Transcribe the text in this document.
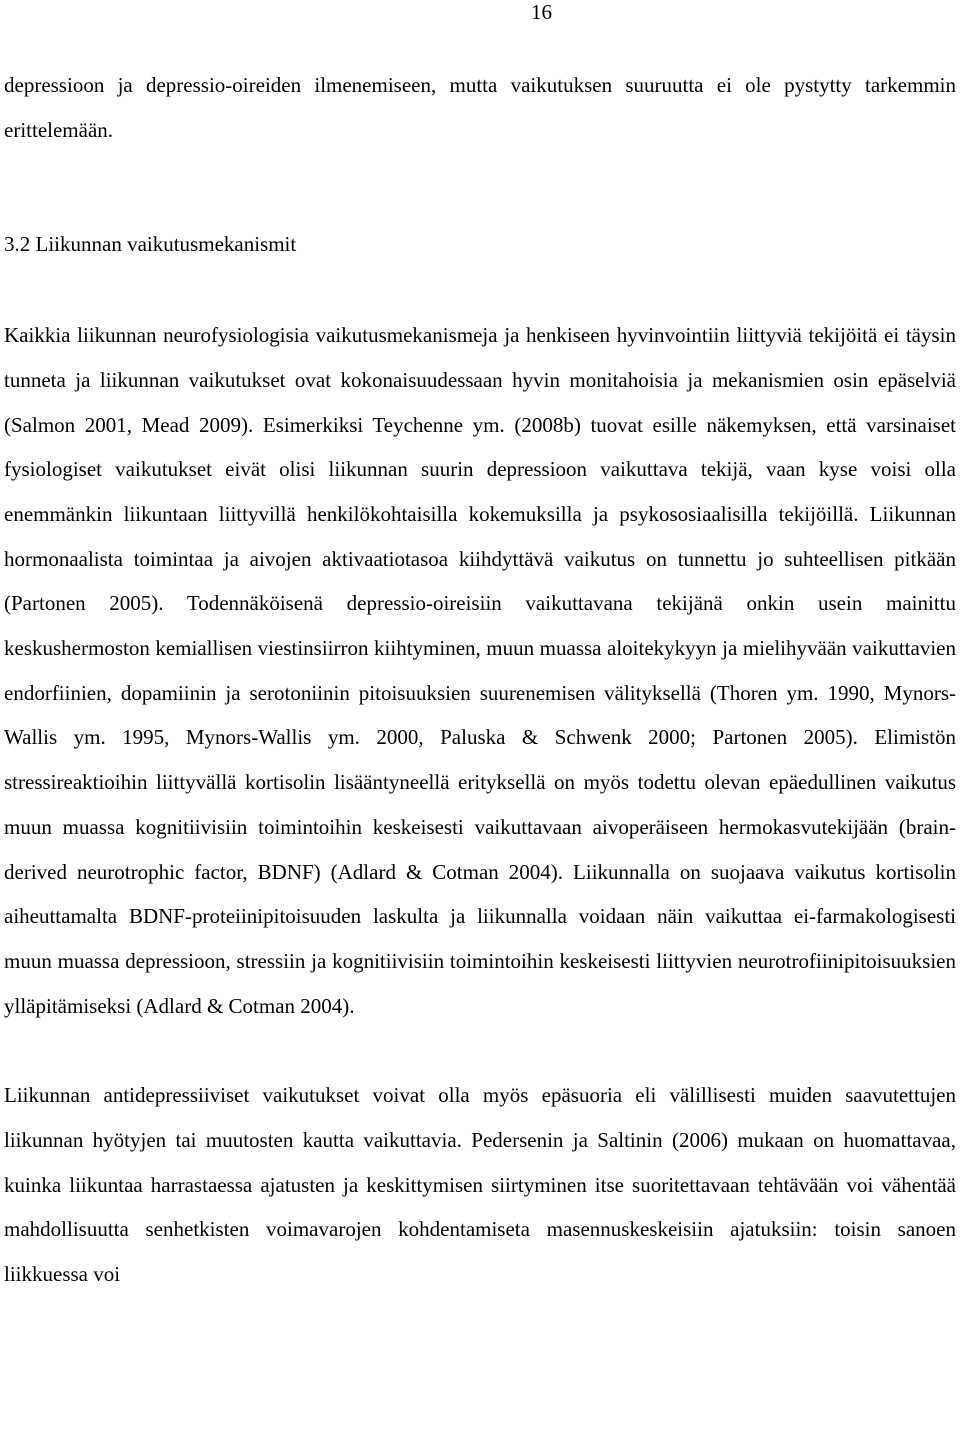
16

depressioon ja depressio-oireiden ilmenemiseen, mutta vaikutuksen suuruutta ei ole pystytty tarkemmin erittelemään.

3.2 Liikunnan vaikutusmekanismit

Kaikkia liikunnan neurofysiologisia vaikutusmekanismeja ja henkiseen hyvinvointiin liittyviä tekijöitä ei täysin tunneta ja liikunnan vaikutukset ovat kokonaisuudessaan hyvin monitahoisia ja mekanismien osin epäselviä (Salmon 2001, Mead 2009). Esimerkiksi Teychenne ym. (2008b) tuovat esille näkemyksen, että varsinaiset fysiologiset vaikutukset eivät olisi liikunnan suurin depressioon vaikuttava tekijä, vaan kyse voisi olla enemmänkin liikuntaan liittyvillä henkilökohtaisilla kokemuksilla ja psykososiaalisilla tekijöillä. Liikunnan hormonaalista toimintaa ja aivojen aktivaatiotasoa kiihdyttävä vaikutus on tunnettu jo suhteellisen pitkään (Partonen 2005). Todennäköisenä depressio-oireisiin vaikuttavana tekijänä onkin usein mainittu keskushermoston kemiallisen viestinsiirron kiihtyminen, muun muassa aloitekykyyn ja mielihyvään vaikuttavien endorfiinien, dopamiinin ja serotoniinin pitoisuuksien suurenemisen välityksellä (Thoren ym. 1990, Mynors-Wallis ym. 1995, Mynors-Wallis ym. 2000, Paluska & Schwenk 2000; Partonen 2005). Elimistön stressireaktioihin liittyvällä kortisolin lisääntyneellä erityksellä on myös todettu olevan epäedullinen vaikutus muun muassa kognitiivisiin toimintoihin keskeisesti vaikuttavaan aivoperäiseen hermokasvutekijään (brain-derived neurotrophic factor, BDNF) (Adlard & Cotman 2004). Liikunnalla on suojaava vaikutus kortisolin aiheuttamalta BDNF-proteiinipitoisuuden laskulta ja liikunnalla voidaan näin vaikuttaa ei-farmakologisesti muun muassa depressioon, stressiin ja kognitiivisiin toimintoihin keskeisesti liittyvien neurotrofiinipitoisuuksien ylläpitämiseksi (Adlard & Cotman 2004).

Liikunnan antidepressiiviset vaikutukset voivat olla myös epäsuoria eli välillisesti muiden saavutettujen liikunnan hyötyjen tai muutosten kautta vaikuttavia. Pedersenin ja Saltinin (2006) mukaan on huomattavaa, kuinka liikuntaa harrastaessa ajatusten ja keskittymisen siirtyminen itse suoritettavaan tehtävään voi vähentää mahdollisuutta senhetkisten voimavarojen kohdentamiseta masennuskeskeisiin ajatuksiin: toisin sanoen liikkuessa voi
